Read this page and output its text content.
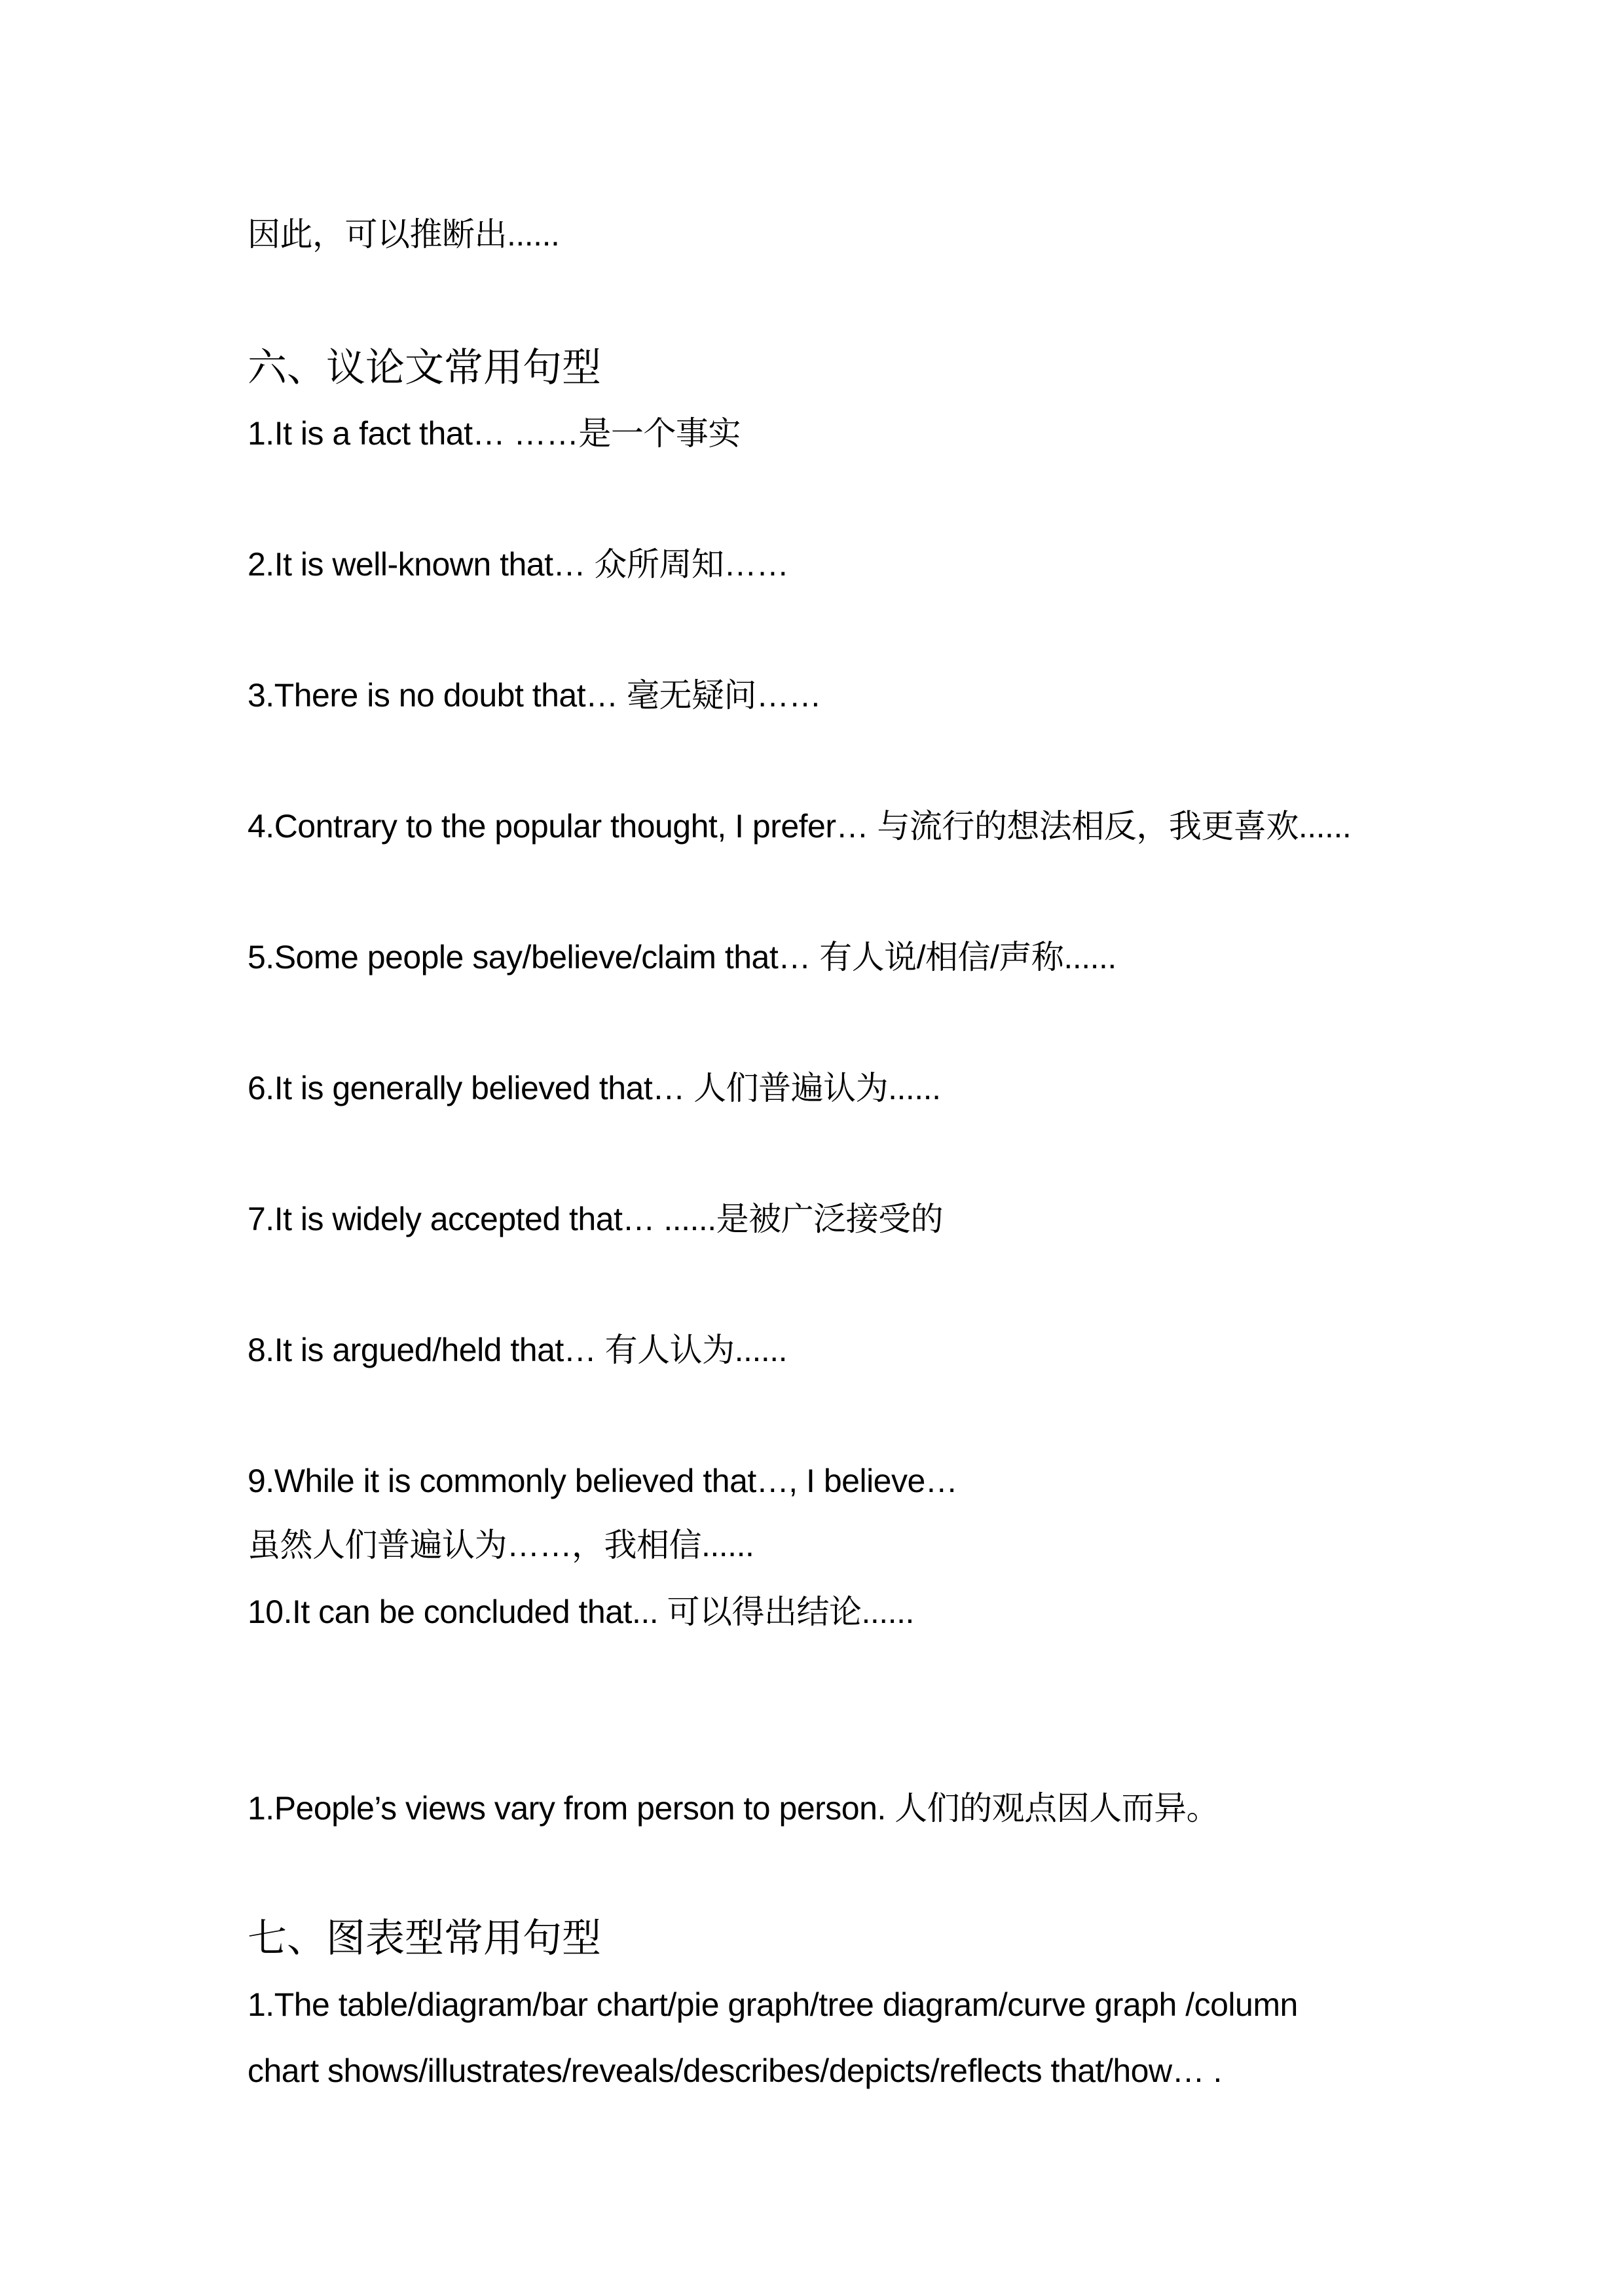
因此，可以推断出......
六、议论文常用句型
1.It is a fact that… ……是一个事实
2.It is well-known that… 众所周知……
3.There is no doubt that… 毫无疑问……
4.Contrary to the popular thought, I prefer… 与流行的想法相反，我更喜欢......
5.Some people say/believe/claim that… 有人说/相信/声称......
6.It is generally believed that… 人们普遍认为......
7.It is widely accepted that… ......是被广泛接受的
8.It is argued/held that… 有人认为......
9.While it is commonly believed that…, I believe…
虽然人们普遍认为……，我相信......
10.It can be concluded that... 可以得出结论......
1.People’s views vary from person to person. 人们的观点因人而异。
七、图表型常用句型
1.The table/diagram/bar chart/pie graph/tree diagram/curve graph /column
chart shows/illustrates/reveals/describes/depicts/reflects that/how… .
